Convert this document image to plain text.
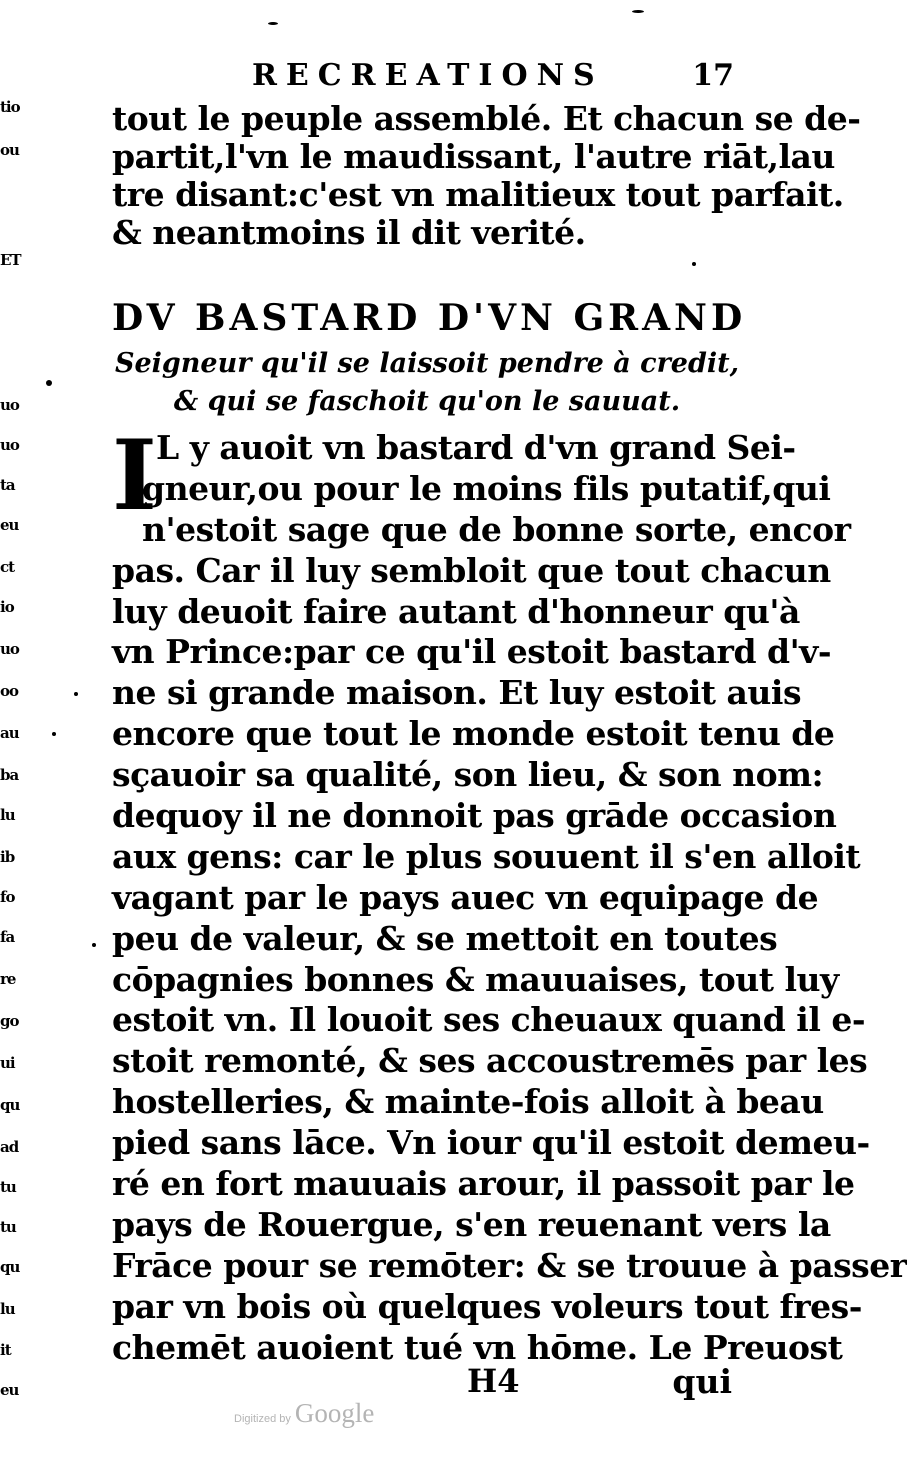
tio
ou
ET
uo
uo
ta
eu
ct
io
uo
oo
au
ba
lu
ib
fo
fa
re
go
ui
qu
ad
tu
tu
qu
lu
it
eu
RECREATIONS	17
tout le peuple assemblé. Et chacun se de-
partit,l'vn le maudissant, l'autre riāt,lau
tre disant:c'est vn malitieux tout parfait.
& neantmoins il dit verité.
DV BASTARD D'VN GRAND
Seigneur qu'il se laissoit pendre à credit,
& qui se faschoit qu'on le sauuat.
I L y auoit vn bastard d'vn grand Sei-
gneur,ou pour le moins fils putatif,qui
n'estoit sage que de bonne sorte, encor
pas. Car il luy sembloit que tout chacun
luy deuoit faire autant d'honneur qu'à
vn Prince:par ce qu'il estoit bastard d'v-
ne si grande maison. Et luy estoit auis
encore que tout le monde estoit tenu de
sçauoir sa qualité, son lieu, & son nom:
dequoy il ne donnoit pas grāde occasion
aux gens: car le plus souuent il s'en alloit
vagant par le pays auec vn equipage de
peu de valeur, & se mettoit en toutes
cōpagnies bonnes & mauuaises, tout luy
estoit vn. Il louoit ses cheuaux quand il e-
stoit remonté, & ses accoustremēs par les
hostelleries, & mainte-fois alloit à beau
pied sans lāce. Vn iour qu'il estoit demeu-
ré en fort mauuais arour, il passoit par le
pays de Rouergue, s'en reuenant vers la
Frāce pour se remōter: & se trouue à passer
par vn bois où quelques voleurs tout fres-
chemēt auoient tué vn hōme. Le Preuost
H4	qui
Digitized by Google
